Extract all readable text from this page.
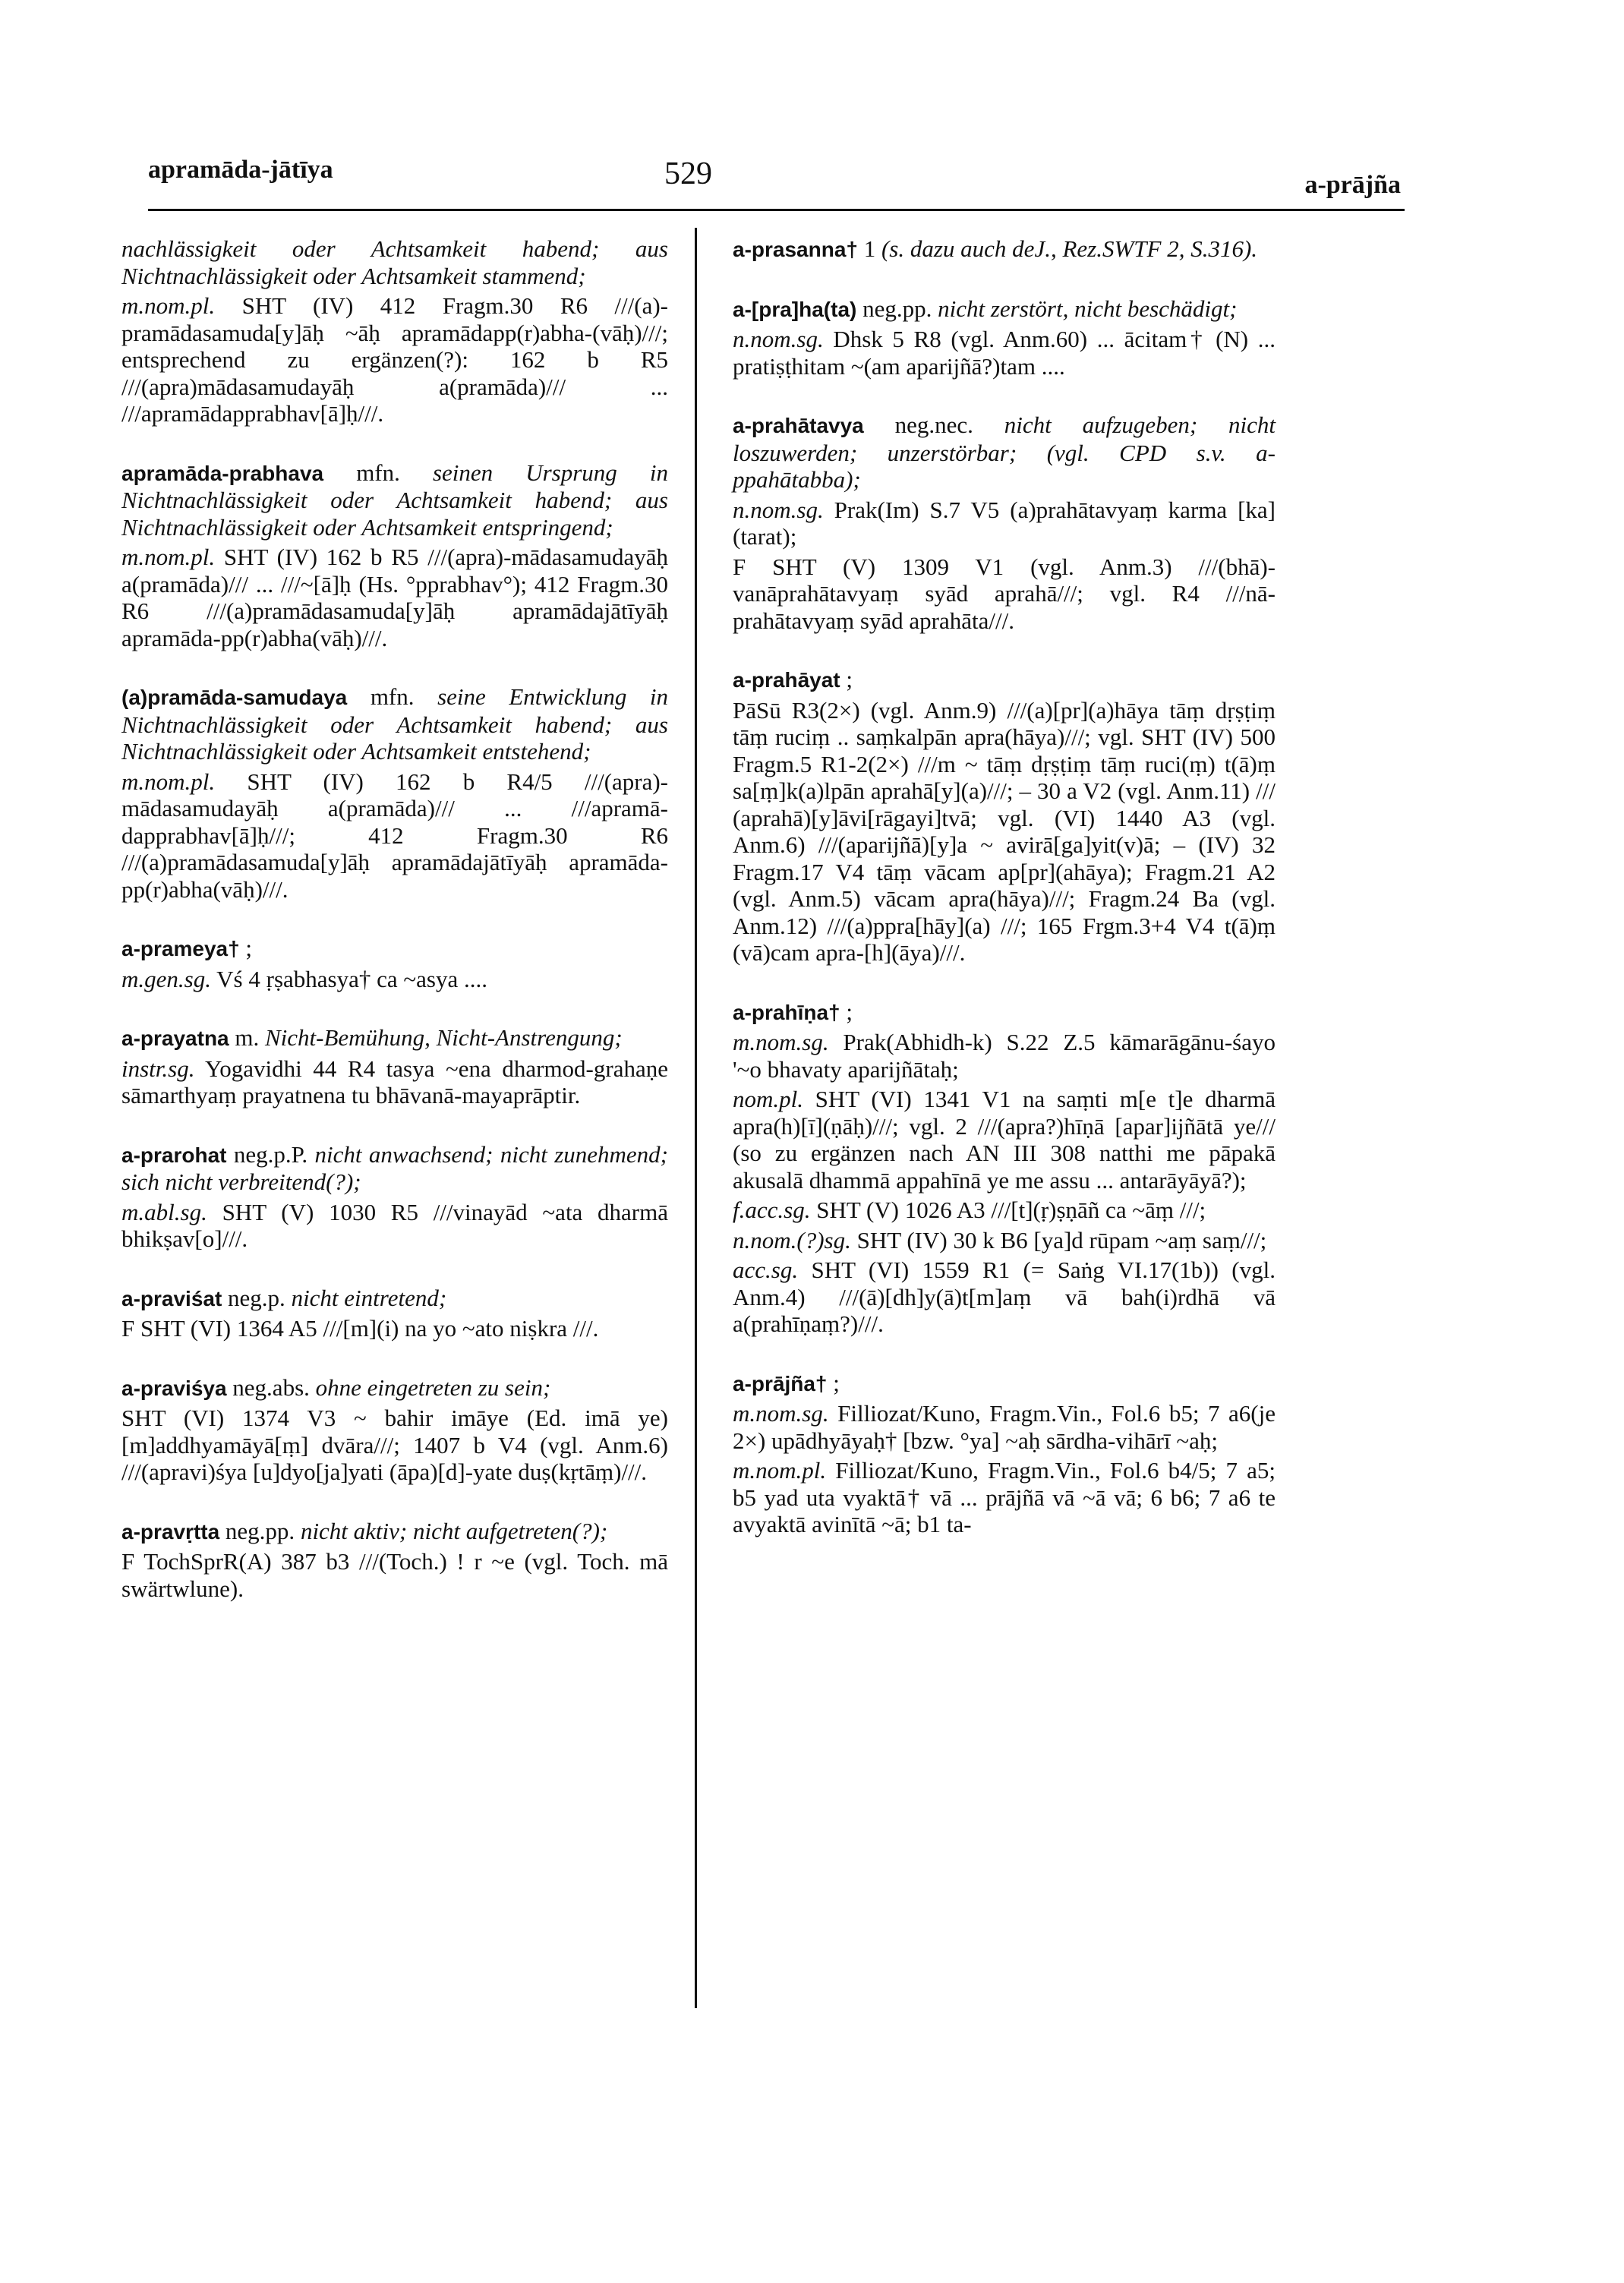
apramāda-jātīya	529	a-prājña
nachlässigkeit oder Achtsamkeit habend; aus Nichtnachlässigkeit oder Achtsamkeit stammend;
m.nom.pl. SHT (IV) 412 Fragm.30 R6 ///(a)-pramādasamuda[y]āḥ ~āḥ apramādapp(r)abha-(vāḥ)///; entsprechend zu ergänzen(?): 162 b R5 ///(apra)mādasamudayāḥ a(pramāda)/// ... ///apramādapprabhav[ā]ḥ///.
apramāda-prabhava mfn. seinen Ursprung in Nichtnachlässigkeit oder Achtsamkeit habend; aus Nichtnachlässigkeit oder Achtsamkeit entspringend;
m.nom.pl. SHT (IV) 162 b R5 ///(apra)-mādasamudayāḥ a(pramāda)/// ... ///~[ā]ḥ (Hs. °pprabhav°); 412 Fragm.30 R6 ///(a)pramādasamuda[y]āḥ apramādajātīyāḥ apramāda-pp(r)abha(vāḥ)///.
(a)pramāda-samudaya mfn. seine Entwicklung in Nichtnachlässigkeit oder Achtsamkeit habend; aus Nichtnachlässigkeit oder Achtsamkeit entstehend;
m.nom.pl. SHT (IV) 162 b R4/5 ///(apra)-mādasamudayāḥ a(pramāda)/// ... ///apramā-dapprabhav[ā]ḥ///; 412 Fragm.30 R6 ///(a)pramādasamuda[y]āḥ apramādajātīyāḥ apramāda-pp(r)abha(vāḥ)///.
a-prameya† ;
m.gen.sg. Vś 4 ṛṣabhasya† ca ~asya ....
a-prayatna m. Nicht-Bemühung, Nicht-Anstrengung;
instr.sg. Yogavidhi 44 R4 tasya ~ena dharmod-grahaṇe sāmarthyaṃ prayatnena tu bhāvanā-mayaprāptir.
a-prarohat neg.p.P. nicht anwachsend; nicht zunehmend; sich nicht verbreitend(?);
m.abl.sg. SHT (V) 1030 R5 ///vinayād ~ata dharmā bhikṣav[o]///.
a-praviśat neg.p. nicht eintretend;
F SHT (VI) 1364 A5 ///[m](i) na yo ~ato niṣkra ///.
a-praviśya neg.abs. ohne eingetreten zu sein;
SHT (VI) 1374 V3 ~ bahir imāye (Ed. imā ye) [m]addhyamāyā[ṃ] dvāra///; 1407 b V4 (vgl. Anm.6) ///(apravi)śya [u]dyo[ja]yati (āpa)[d]-yate duṣ(kṛtāṃ)///.
a-pravṛtta neg.pp. nicht aktiv; nicht aufgetreten(?);
F TochSprR(A) 387 b3 ///(Toch.) ! r ~e (vgl. Toch. mā swärtwlune).
a-prasanna† 1 (s. dazu auch deJ., Rez.SWTF 2, S.316).
a-[pra]ha(ta) neg.pp. nicht zerstört, nicht beschädigt;
n.nom.sg. Dhsk 5 R8 (vgl. Anm.60) ... ācitam† (N) ... pratiṣṭhitam ~(am aparijñā?)tam ....
a-prahātavya neg.nec. nicht aufzugeben; nicht loszuwerden; unzerstörbar; (vgl. CPD s.v. a-ppahātabba);
n.nom.sg. Prak(Im) S.7 V5 (a)prahātavyaṃ karma [ka](tarat);
F SHT (V) 1309 V1 (vgl. Anm.3) ///(bhā)-vanāprahātavyaṃ syād aprahā///; vgl. R4 ///nā-prahātavyaṃ syād aprahāta///.
a-prahāyat ;
PāSū R3(2×) (vgl. Anm.9) ///(a)[pr](a)hāya tāṃ dṛṣṭiṃ tāṃ ruciṃ .. saṃkalpān apra(hāya)///; vgl. SHT (IV) 500 Fragm.5 R1-2(2×) ///m ~ tāṃ dṛṣṭiṃ tāṃ ruci(ṃ) t(ā)ṃ sa[ṃ]k(a)lpān aprahā[y](a)///; – 30 a V2 (vgl. Anm.11) /// (aprahā)[y]āvi[rāgayi]tvā; vgl. (VI) 1440 A3 (vgl. Anm.6) ///(aparijñā)[y]a ~ avirā[ga]yit(v)ā; – (IV) 32 Fragm.17 V4 tāṃ vācam ap[pr](ahāya); Fragm.21 A2 (vgl. Anm.5) vācam apra(hāya)///; Fragm.24 Ba (vgl. Anm.12) ///(a)ppra[hāy](a) ///; 165 Frgm.3+4 V4 t(ā)ṃ (vā)cam apra-[h](āya)///.
a-prahīṇa† ;
m.nom.sg. Prak(Abhidh-k) S.22 Z.5 kāmarāgānu-śayo '~o bhavaty aparijñātaḥ;
nom.pl. SHT (VI) 1341 V1 na saṃti m[e t]e dharmā apra(h)[ī](ṇāḥ)///; vgl. 2 ///(apra?)hīṇā [apar]ijñātā ye/// (so zu ergänzen nach AN III 308 natthi me pāpakā akusalā dhammā appahīnā ye me assu ... antarāyāyā?);
f.acc.sg. SHT (V) 1026 A3 ///[t](ṛ)ṣṇāñ ca ~āṃ ///;
n.nom.(?)sg. SHT (IV) 30 k B6 [ya]d rūpam ~aṃ saṃ///;
acc.sg. SHT (VI) 1559 R1 (= Saṅg VI.17(1b)) (vgl. Anm.4) ///(ā)[dh]y(ā)t[m]aṃ vā bah(i)rdhā vā a(prahīṇaṃ?)///.
a-prājña† ;
m.nom.sg. Filliozat/Kuno, Fragm.Vin., Fol.6 b5; 7 a6(je 2×) upādhyāyaḥ† [bzw. °ya] ~aḥ sārdha-vihārī ~aḥ;
m.nom.pl. Filliozat/Kuno, Fragm.Vin., Fol.6 b4/5; 7 a5; b5 yad uta vyaktā† vā ... prājñā vā ~ā vā; 6 b6; 7 a6 te avyaktā avinītā ~ā; b1 ta-
